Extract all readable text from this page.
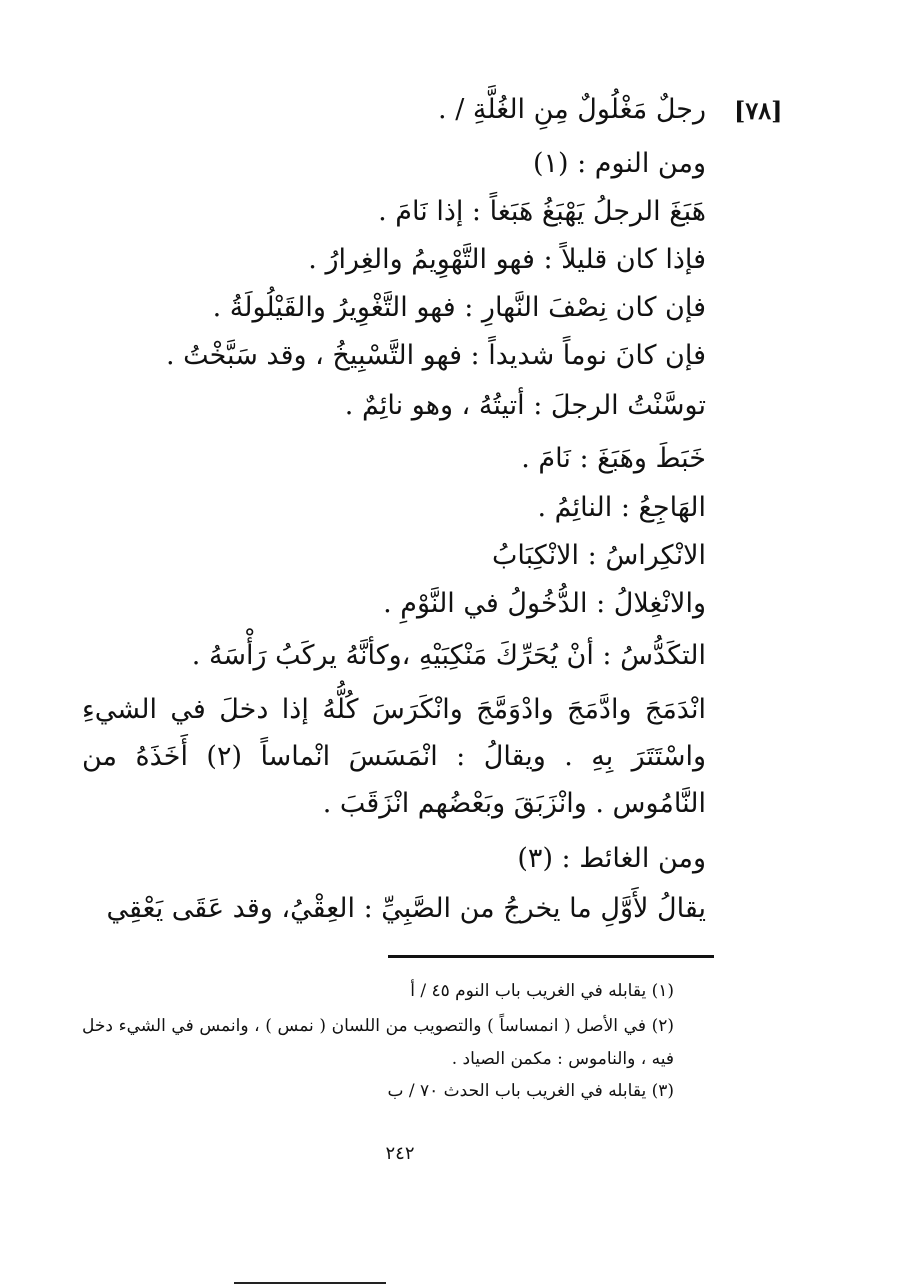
[٧٨]
رجلٌ مَغْلُولٌ مِنِ الغُلَّةِ / .
ومن النوم : (١)
هَبَغَ الرجلُ يَهْبَغُ هَبَغاً : إذا نَامَ .
فإذا كان قليلاً : فهو التَّهْوِيمُ والغِرارُ .
فإن كان نِصْفَ النَّهارِ : فهو التَّغْوِيرُ والقَيْلُولَةُ .
فإن كانَ نوماً شديداً : فهو التَّسْبِيخُ ، وقد سَبَّخْتُ .
توسَّنْتُ الرجلَ : أتيتُهُ ، وهو نائِمٌ .
خَبَطَ وهَبَغَ : نَامَ .
الهَاجِعُ : النائِمُ .
الانْكِراسُ : الانْكِبَابُ
والانْغِلالُ : الدُّخُولُ في النَّوْمِ .
التكَدُّسُ : أنْ يُحَرِّكَ مَنْكِبَيْهِ ،وكأنَّهُ يركَبُ رَأْسَهُ .
انْدَمَجَ وادَّمَجَ وادْوَمَّجَ وانْكَرَسَ كُلُّهُ إذا دخلَ في الشيءِ واسْتَتَرَ بِهِ . ويقالُ : انْمَسَسَ انْماساً (٢) أَخَذَهُ من النَّامُوس . وانْزَبَقَ وبَعْضُهم انْزَقَبَ .
ومن الغائط : (٣)
يقالُ لأَوَّلِ ما يخرجُ من الصَّبِيِّ : العِقْيُ، وقد عَقَى يَعْقِي
(١) يقابله في الغريب باب النوم ٤٥ / أ
(٢) في الأصل ( انمساساً ) والتصويب من اللسان ( نمس ) ، وانمس في الشيء دخل فيه ، والناموس : مكمن الصياد .
(٣) يقابله في الغريب باب الحدث ٧٠ / ب
٢٤٢
